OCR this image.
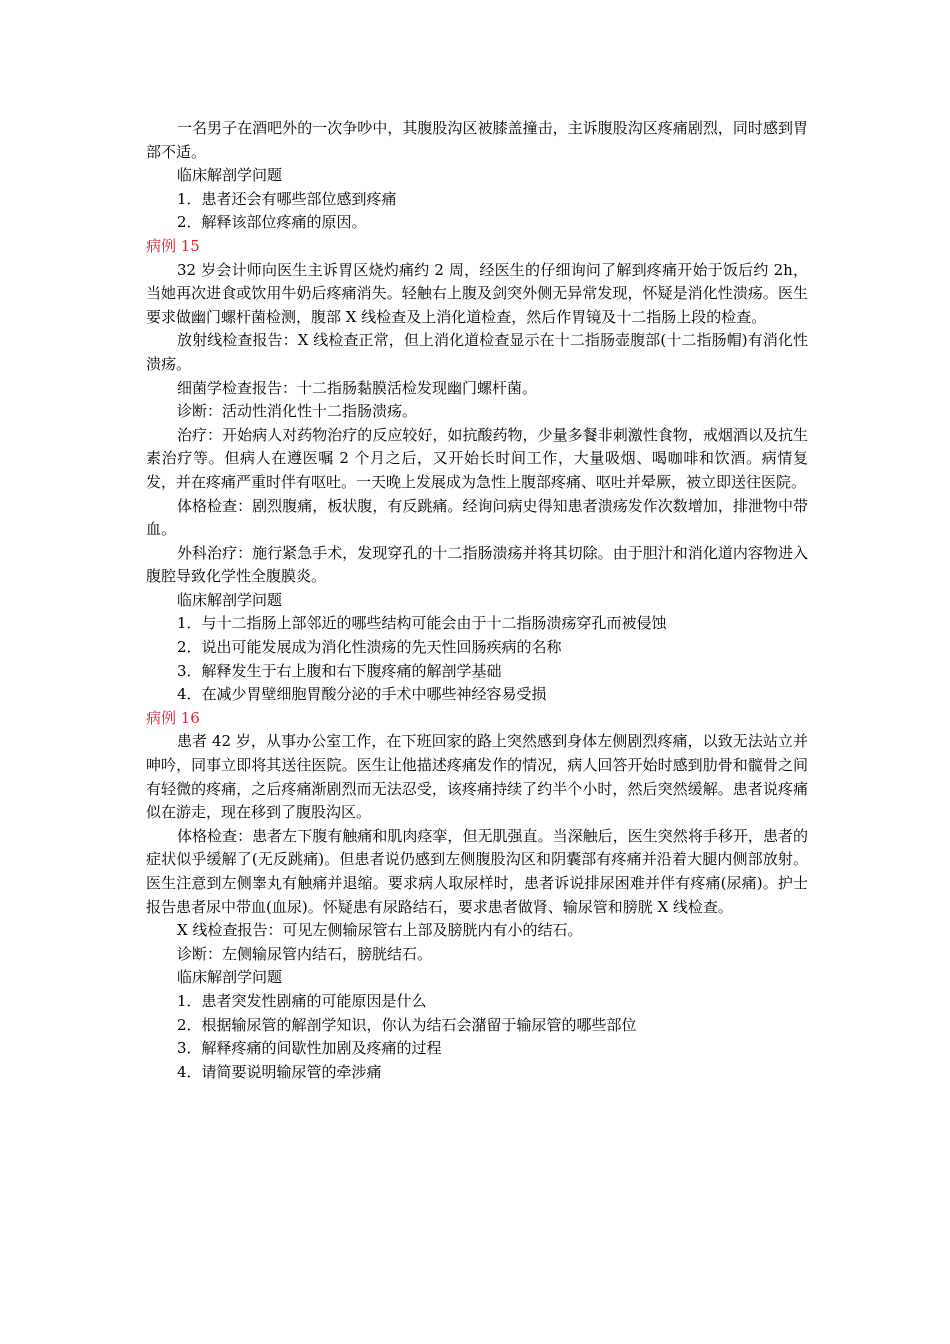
一名男子在酒吧外的一次争吵中，其腹股沟区被膝盖撞击，主诉腹股沟区疼痛剧烈，同时感到胃部不适。

临床解剖学问题

1．患者还会有哪些部位感到疼痛

2．解释该部位疼痛的原因。

病例 15

32 岁会计师向医生主诉胃区烧灼痛约 2 周，经医生的仔细询问了解到疼痛开始于饭后约 2h，当她再次进食或饮用牛奶后疼痛消失。轻触右上腹及剑突外侧无异常发现，怀疑是消化性溃疡。医生要求做幽门螺杆菌检测，腹部 X 线检查及上消化道检查，然后作胃镜及十二指肠上段的检查。

放射线检查报告：X 线检查正常，但上消化道检查显示在十二指肠壶腹部(十二指肠帽)有消化性溃疡。

细菌学检查报告：十二指肠黏膜活检发现幽门螺杆菌。

诊断：活动性消化性十二指肠溃疡。

治疗：开始病人对药物治疗的反应较好，如抗酸药物，少量多餐非刺激性食物，戒烟酒以及抗生素治疗等。但病人在遵医嘱 2 个月之后，又开始长时间工作，大量吸烟、喝咖啡和饮酒。病情复发，并在疼痛严重时伴有呕吐。一天晚上发展成为急性上腹部疼痛、呕吐并晕厥，被立即送往医院。

体格检查：剧烈腹痛，板状腹，有反跳痛。经询问病史得知患者溃疡发作次数增加，排泄物中带血。

外科治疗：施行紧急手术，发现穿孔的十二指肠溃疡并将其切除。由于胆汁和消化道内容物进入腹腔导致化学性全腹膜炎。

临床解剖学问题

1．与十二指肠上部邻近的哪些结构可能会由于十二指肠溃疡穿孔而被侵蚀

2．说出可能发展成为消化性溃疡的先天性回肠疾病的名称

3．解释发生于右上腹和右下腹疼痛的解剖学基础

4．在减少胃壁细胞胃酸分泌的手术中哪些神经容易受损

病例 16

患者 42 岁，从事办公室工作，在下班回家的路上突然感到身体左侧剧烈疼痛，以致无法站立并呻吟，同事立即将其送往医院。医生让他描述疼痛发作的情况，病人回答开始时感到肋骨和髋骨之间有轻微的疼痛，之后疼痛渐剧烈而无法忍受，该疼痛持续了约半个小时，然后突然缓解。患者说疼痛似在游走，现在移到了腹股沟区。

体格检查：患者左下腹有触痛和肌肉痉挛，但无肌强直。当深触后，医生突然将手移开，患者的症状似乎缓解了(无反跳痛)。但患者说仍感到左侧腹股沟区和阴囊部有疼痛并沿着大腿内侧部放射。医生注意到左侧睾丸有触痛并退缩。要求病人取尿样时，患者诉说排尿困难并伴有疼痛(尿痛)。护士报告患者尿中带血(血尿)。怀疑患有尿路结石，要求患者做肾、输尿管和膀胱 X 线检查。

X 线检查报告：可见左侧输尿管右上部及膀胱内有小的结石。

诊断：左侧输尿管内结石，膀胱结石。

临床解剖学问题

1．患者突发性剧痛的可能原因是什么

2．根据输尿管的解剖学知识，你认为结石会潴留于输尿管的哪些部位

3．解释疼痛的间歇性加剧及疼痛的过程

4．请简要说明输尿管的牵涉痛
